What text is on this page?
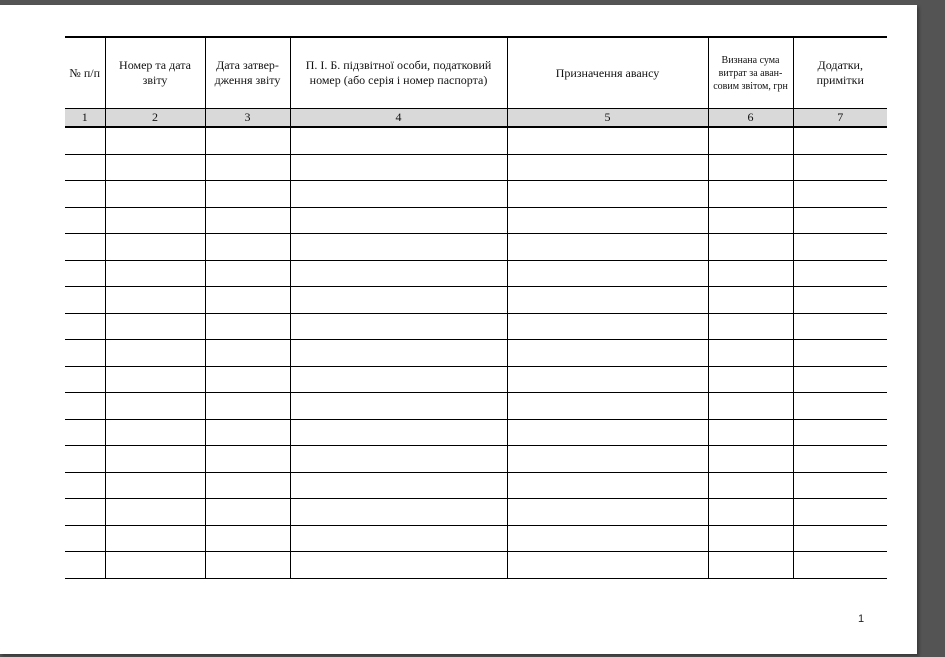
№ п/п	Номер та дата звіту	Дата затвер-дження звіту	П. І. Б. підзвітної особи, податковий номер (або серія і номер паспорта)	Призначення авансу	Визнана сума витрат за аван-совим звітом, грн	Додатки, примітки
1	2	3	4	5	6	7

1
